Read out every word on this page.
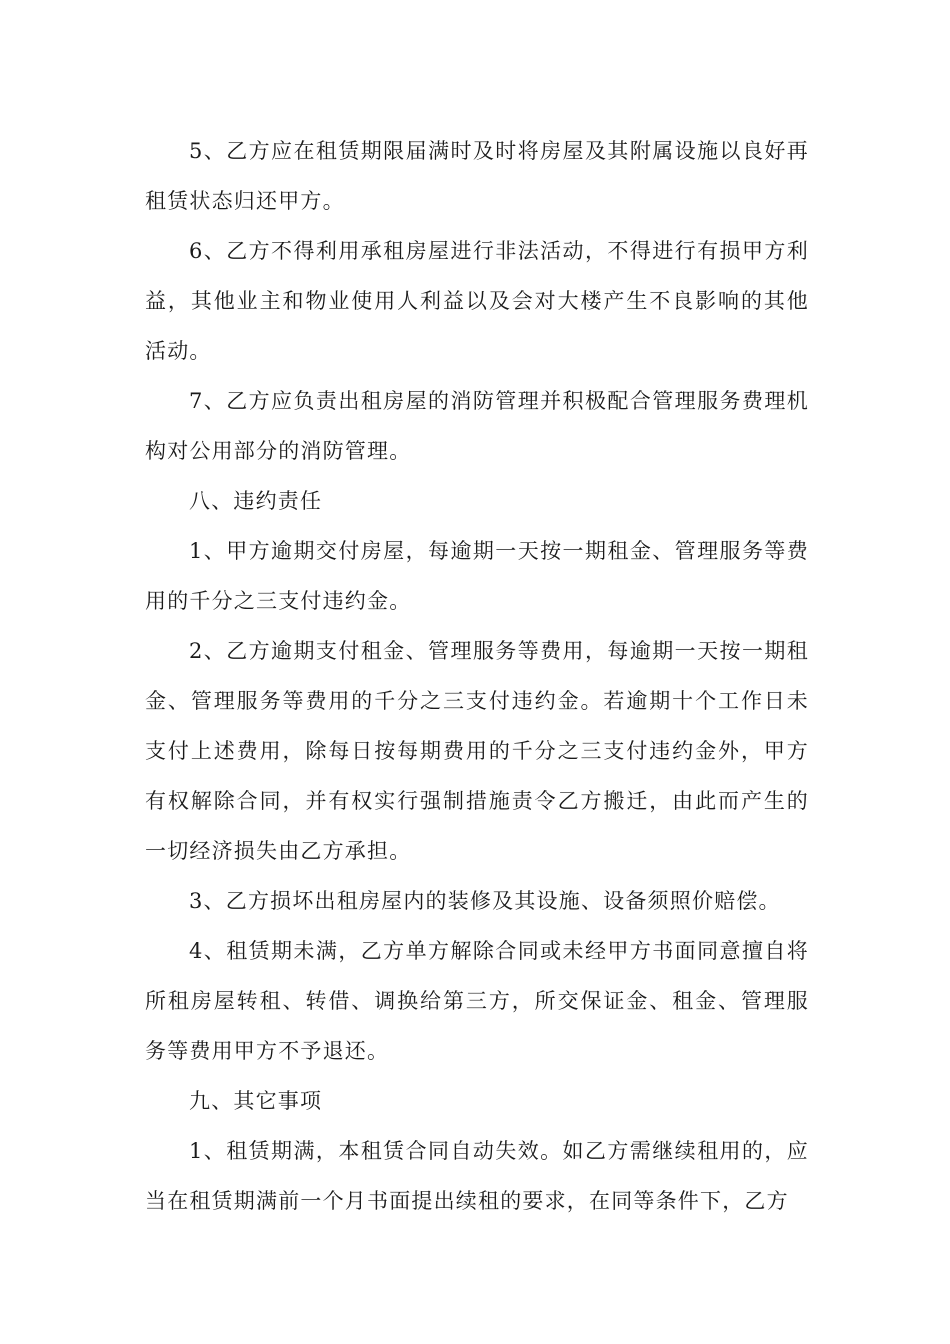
5、乙方应在租赁期限届满时及时将房屋及其附属设施以良好再租赁状态归还甲方。

6、乙方不得利用承租房屋进行非法活动，不得进行有损甲方利益，其他业主和物业使用人利益以及会对大楼产生不良影响的其他活动。

7、乙方应负责出租房屋的消防管理并积极配合管理服务费理机构对公用部分的消防管理。

八、违约责任

1、甲方逾期交付房屋，每逾期一天按一期租金、管理服务等费用的千分之三支付违约金。

2、乙方逾期支付租金、管理服务等费用，每逾期一天按一期租金、管理服务等费用的千分之三支付违约金。若逾期十个工作日未支付上述费用，除每日按每期费用的千分之三支付违约金外，甲方有权解除合同，并有权实行强制措施责令乙方搬迁，由此而产生的一切经济损失由乙方承担。

3、乙方损坏出租房屋内的装修及其设施、设备须照价赔偿。

4、租赁期未满，乙方单方解除合同或未经甲方书面同意擅自将所租房屋转租、转借、调换给第三方，所交保证金、租金、管理服务等费用甲方不予退还。

九、其它事项

1、租赁期满，本租赁合同自动失效。如乙方需继续租用的，应当在租赁期满前一个月书面提出续租的要求，在同等条件下，乙方
